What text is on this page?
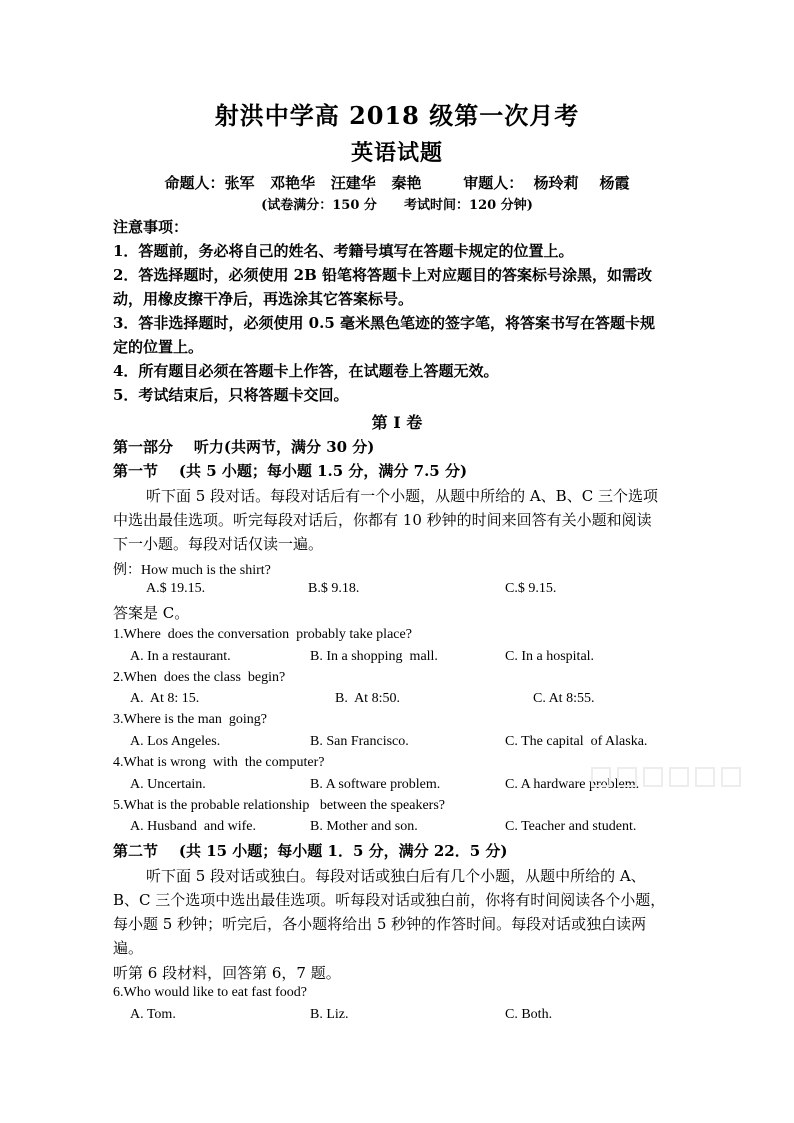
射洪中学高 2018 级第一次月考
英语试题
命题人：张军   邓艳华   汪建华   秦艳        审题人：  杨玲莉    杨霞
(试卷满分：150 分      考试时间：120 分钟)
注意事项：
1．答题前，务必将自己的姓名、考籍号填写在答题卡规定的位置上。
2．答选择题时，必须使用 2B 铅笔将答题卡上对应题目的答案标号涂黑，如需改
动，用橡皮擦干净后，再选涂其它答案标号。
3．答非选择题时，必须使用 0.5 毫米黑色笔迹的签字笔，将答案书写在答题卡规
定的位置上。
4．所有题目必须在答题卡上作答，在试题卷上答题无效。
5．考试结束后，只将答题卡交回。
第 I 卷
第一部分    听力(共两节，满分 30 分)
第一节    (共 5 小题；每小题 1.5 分，满分 7.5 分)
听下面 5 段对话。每段对话后有一个小题，从题中所给的 A、B、C 三个选项
中选出最佳选项。听完每段对话后，你都有 10 秒钟的时间来回答有关小题和阅读
下一小题。每段对话仅读一遍。
例：How much is the shirt?
A.$ 19.15.	B.$ 9.18.	C.$ 9.15.
答案是 C。
1.Where  does the conversation  probably take place?
A. In a restaurant.	B. In a shopping  mall.	C. In a hospital.
2.When  does the class  begin?
A.  At 8: 15.	B.  At 8:50.	C. At 8:55.
3.Where is the man  going?
A. Los Angeles.	B. San Francisco.	C. The capital  of Alaska.
4.What is wrong  with  the computer?
A. Uncertain.	B. A software problem.	C. A hardware problem.
5.What is the probable relationship   between the speakers?
A. Husband  and wife.	B. Mother and son.	C. Teacher and student.
第二节    (共 15 小题；每小题 1．5 分，满分 22．5 分)
听下面 5 段对话或独白。每段对话或独白后有几个小题，从题中所给的 A、
B、C 三个选项中选出最佳选项。听每段对话或独白前，你将有时间阅读各个小题，
每小题 5 秒钟；听完后，各小题将给出 5 秒钟的作答时间。每段对话或独白读两
遍。
听第 6 段材料，回答第 6，7 题。
6.Who would like to eat fast food?
A. Tom.	B. Liz.	C. Both.
